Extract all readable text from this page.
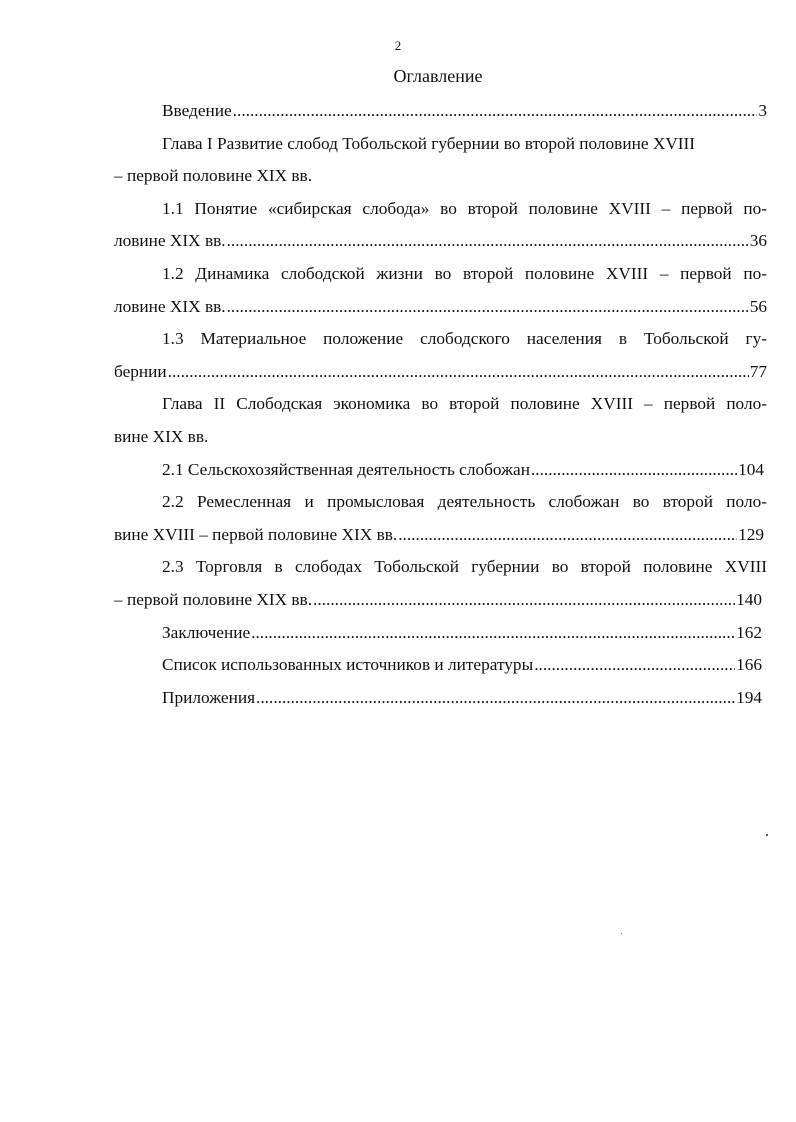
2
Оглавление
Введение .....	3
Глава I Развитие слобод Тобольской губернии во второй половине XVIII
– первой половине XIX вв.
1.1 Понятие «сибирская слобода» во второй половине XVIII – первой по-
ловине XIX вв. .....	36
1.2 Динамика слободской жизни во второй половине XVIII – первой по-
ловине XIX вв. .....	56
1.3 Материальное положение слободского населения в Тобольской гу-
бернии .....	77
Глава II Слободская экономика во второй половине XVIII – первой поло-
вине XIX вв.
2.1 Сельскохозяйственная деятельность слобожан .....	104
2.2 Ремесленная и промысловая деятельность слобожан во второй поло-
вине XVIII – первой половине XIX вв. .....	129
2.3 Торговля в слободах Тобольской губернии во второй половине XVIII
– первой половине XIX вв. .....	140
Заключение .....	162
Список использованных источников и литературы .....	166
Приложения .....	194
